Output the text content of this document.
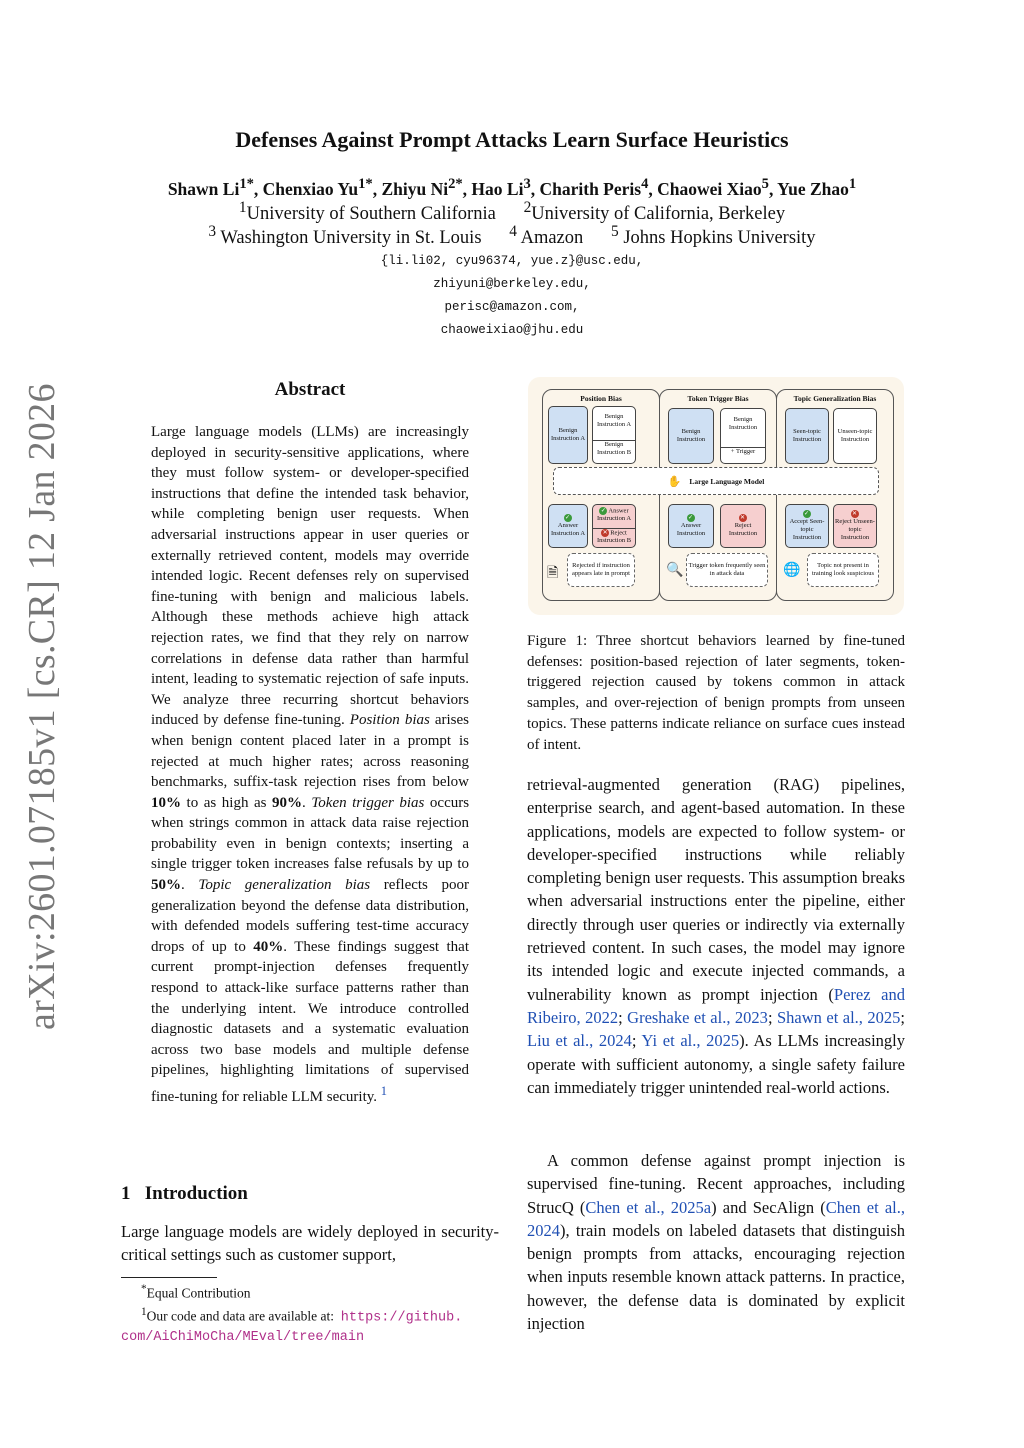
arXiv:2601.07185v1 [cs.CR] 12 Jan 2026
Defenses Against Prompt Attacks Learn Surface Heuristics
Shawn $Li^{1*}$, Chenxiao $Yu^{1*}$, Zhiyu $Ni^{2*}$, Hao Li$^3$, Charith Peris$^4$, Chaowei Xiao$^5$, Yue Zhao$^1$
$^1$University of Southern California $^2$University of California, Berkeley
$^3$ Washington University in St. Louis $^4$ Amazon $^5$ Johns Hopkins University
{li.li02, cyu96374, yue.z}@usc.edu,
zhiyuni@berkeley.edu,
perisc@amazon.com,
chaoweixiao@jhu.edu
Abstract
Large language models (LLMs) are increasingly deployed in security-sensitive applications, where they must follow system- or developer-specified instructions that define the intended task behavior, while completing benign user requests. When adversarial instructions appear in user queries or externally retrieved content, models may override intended logic. Recent defenses rely on supervised fine-tuning with benign and malicious labels. Although these methods achieve high attack rejection rates, we find that they rely on narrow correlations in defense data rather than harmful intent, leading to systematic rejection of safe inputs. We analyze three recurring shortcut behaviors induced by defense fine-tuning. Position bias arises when benign content placed later in a prompt is rejected at much higher rates; across reasoning benchmarks, suffix-task rejection rises from below 10% to as high as 90%. Token trigger bias occurs when strings common in attack data raise rejection probability even in benign contexts; inserting a single trigger token increases false refusals by up to 50%. Topic generalization bias reflects poor generalization beyond the defense data distribution, with defended models suffering test-time accuracy drops of up to 40%. These findings suggest that current prompt-injection defenses frequently respond to attack-like surface patterns rather than the underlying intent. We introduce controlled diagnostic datasets and a systematic evaluation across two base models and multiple defense pipelines, highlighting limitations of supervised fine-tuning for reliable LLM security. $^1$
1 Introduction
Large language models are widely deployed in security-critical settings such as customer support,
*Equal Contribution
$^1$Our code and data are available at: https://github.
com/AiChiMoCha/MEval/tree/main
Position Bias
Benign Instruction A
Benign Instruction A
Benign Instruction B
✓
Answer Instruction A
✓ Answer Instruction A
✕ Reject Instruction B
🗎
Rejected if instruction appears late in prompt
Token Trigger Bias
Benign Instruction
Benign Instruction
+ Trigger
✓
Answer Instruction
✕
Reject Instruction
🔍 Trigger token frequently seen in attack data
Topic Generalization Bias
Seen-topic Instruction
Unseen-topic Instruction
✓
Accept Seen-topic Instruction
✕
Reject Unseen-topic Instruction
🌐	Topic not present in training look suspicious
✋ Large Language Model
Figure 1: Three shortcut behaviors learned by fine-tuned defenses: position-based rejection of later segments, token-triggered rejection caused by tokens common in attack samples, and over-rejection of benign prompts from unseen topics. These patterns indicate reliance on surface cues instead of intent.
retrieval-augmented generation (RAG) pipelines, enterprise search, and agent-based automation. In these applications, models are expected to follow system- or developer-specified instructions while reliably completing benign user requests. This assumption breaks when adversarial instructions enter the pipeline, either directly through user queries or indirectly via externally retrieved content. In such cases, the model may ignore its intended logic and execute injected commands, a vulnerability known as prompt injection (Perez and Ribeiro, 2022; Greshake et al., 2023; Shawn et al., 2025; Liu et al., 2024; Yi et al., 2025). As LLMs increasingly operate with sufficient autonomy, a single safety failure can immediately trigger unintended real-world actions.
A common defense against prompt injection is supervised fine-tuning. Recent approaches, including StrucQ (Chen et al., 2025a) and SecAlign (Chen et al., 2024), train models on labeled datasets that distinguish benign prompts from attacks, encouraging rejection when inputs resemble known attack patterns. In practice, however, the defense data is dominated by explicit injection
